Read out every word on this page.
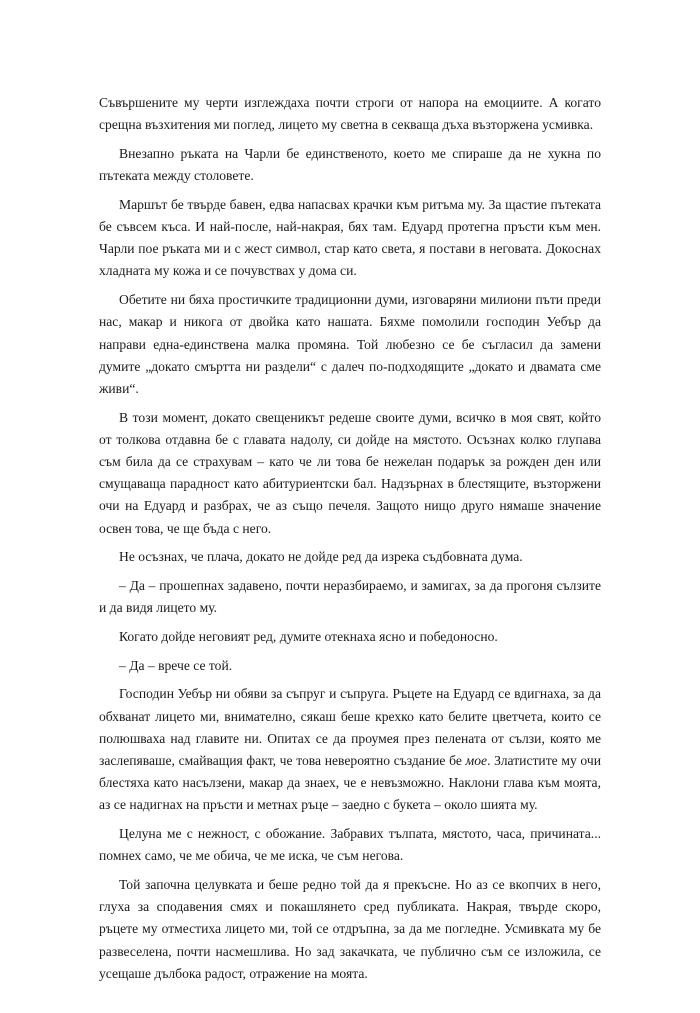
Съвършените му черти изглеждаха почти строги от напора на емоциите. А когато срещна възхитения ми поглед, лицето му светна в секваща дъха възторжена усмивка.

Внезапно ръката на Чарли бе единственото, което ме спираше да не хукна по пътеката между столовете.

Маршът бе твърде бавен, едва напасвах крачки към ритъма му. За щастие пътеката бе съвсем къса. И най-после, най-накрая, бях там. Едуард протегна пръсти към мен. Чарли пое ръката ми и с жест символ, стар като света, я постави в неговата. Докоснах хладната му кожа и се почувствах у дома си.

Обетите ни бяха простичките традиционни думи, изговаряни милиони пъти преди нас, макар и никога от двойка като нашата. Бяхме помолили господин Уебър да направи една-единствена малка промяна. Той любезно се бе съгласил да замени думите „докато смъртта ни раздели“ с далеч по-подходящите „докато и двамата сме живи“.

В този момент, докато свещеникът редеше своите думи, всичко в моя свят, който от толкова отдавна бе с главата надолу, си дойде на мястото. Осъзнах колко глупава съм била да се страхувам – като че ли това бе нежелан подарък за рожден ден или смущаваща парадност като абитуриентски бал. Надзърнах в блестящите, възторжени очи на Едуард и разбрах, че аз също печеля. Защото нищо друго нямаше значение освен това, че ще бъда с него.

Не осъзнах, че плача, докато не дойде ред да изрека съдбовната дума.

– Да – прошепнах задавено, почти неразбираемо, и замигах, за да прогоня сълзите и да видя лицето му.

Когато дойде неговият ред, думите отекнаха ясно и победоносно.

– Да – врече се той.

Господин Уебър ни обяви за съпруг и съпруга. Ръцете на Едуард се вдигнаха, за да обхванат лицето ми, внимателно, сякаш беше крехко като белите цветчета, които се полюшваха над главите ни. Опитах се да проумея през пелената от сълзи, която ме заслепяваше, смайващия факт, че това невероятно създание бе мое. Златистите му очи блестяха като насълзени, макар да знаех, че е невъзможно. Наклони глава към моята, аз се надигнах на пръсти и метнах ръце – заедно с букета – около шията му.

Целуна ме с нежност, с обожание. Забравих тълпата, мястото, часа, причината... помнех само, че ме обича, че ме иска, че съм негова.

Той започна целувката и беше редно той да я прекъсне. Но аз се вкопчих в него, глуха за сподавения смях и покашлянето сред публиката. Накрая, твърде скоро, ръцете му отместиха лицето ми, той се отдръпна, за да ме погледне. Усмивката му бе развеселена, почти насмешлива. Но зад закачката, че публично съм се изложила, се усещаше дълбока радост, отражение на моята.
